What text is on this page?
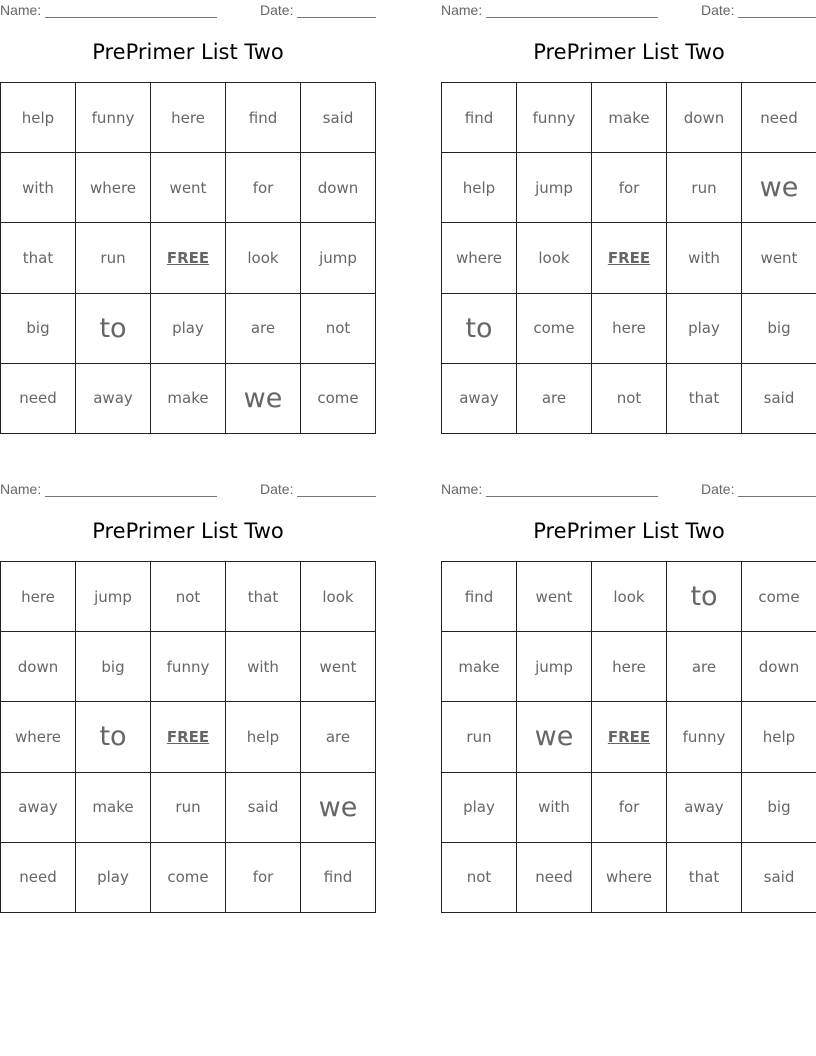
Name:	Date:
PrePrimer List Two
help	funny	here	find	said
with	where	went	for	down
that	run	FREE	look	jump
big	to	play	are	not
need	away	make	we	come
Name:	Date:
PrePrimer List Two
find	funny	make	down	need
help	jump	for	run	we
where	look	FREE	with	went
to	come	here	play	big
away	are	not	that	said
Name:	Date:
PrePrimer List Two
here	jump	not	that	look
down	big	funny	with	went
where	to	FREE	help	are
away	make	run	said	we
need	play	come	for	find
Name:	Date:
PrePrimer List Two
find	went	look	to	come
make	jump	here	are	down
run	we	FREE	funny	help
play	with	for	away	big
not	need	where	that	said
